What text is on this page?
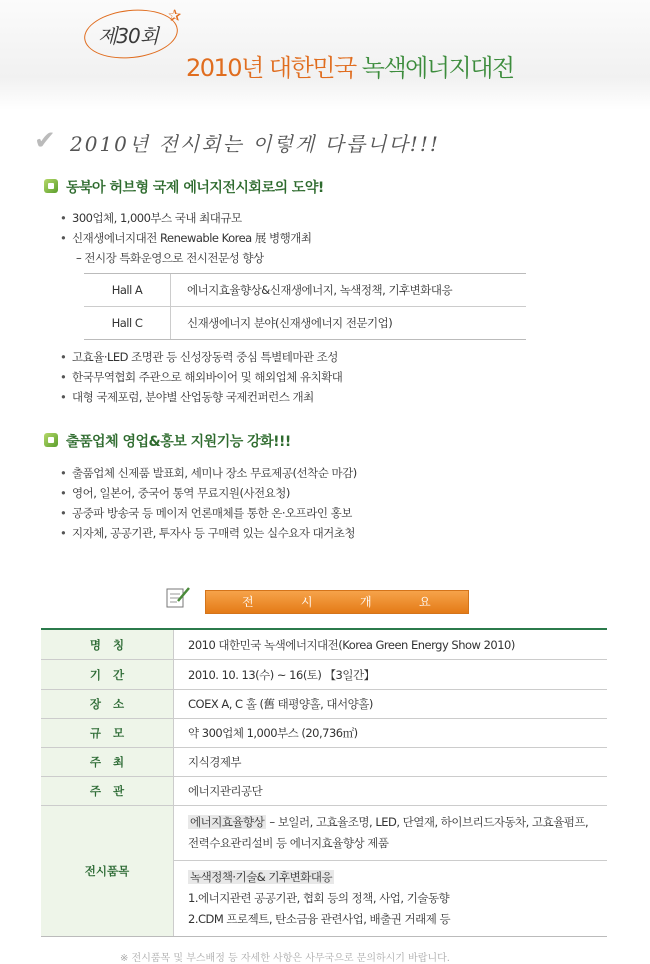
제30회
✰
2010년 대한민국 녹색에너지대전
✔ 2010년 전시회는 이렇게 다릅니다!!!
동북아 허브형 국제 에너지전시회로의 도약!
• 300업체, 1,000부스 국내 최대규모
• 신재생에너지대전 Renewable Korea 展 병행개최
– 전시장 특화운영으로 전시전문성 향상
Hall A	에너지효율향상&신재생에너지, 녹색정책, 기후변화대응
Hall C	신재생에너지 분야(신재생에너지 전문기업)
• 고효율·LED 조명관 등 신성장동력 중심 특별테마관 조성
• 한국무역협회 주관으로 해외바이어 및 해외업체 유치확대
• 대형 국제포럼, 분야별 산업동향 국제컨퍼런스 개최
출품업체 영업&홍보 지원기능 강화!!!
• 출품업체 신제품 발표회, 세미나 장소 무료제공(선착순 마감)
• 영어, 일본어, 중국어 통역 무료지원(사전요청)
• 공중파 방송국 등 메이저 언론매체를 통한 온·오프라인 홍보
• 지자체, 공공기관, 투자사 등 구매력 있는 실수요자 대거초청
전	시	개	요
명칭	2010 대한민국 녹색에너지대전(Korea Green Energy Show 2010)
기간	2010. 10. 13(수) ~ 16(토) 【3일간】
장소	COEX A, C 홀 (舊 태평양홀, 대서양홀)
규모	약 300업체 1,000부스 (20,736㎡)
주최	지식경제부
주관	에너지관리공단
전시품목
에너지효율향상 – 보일러, 고효율조명, LED, 단열재, 하이브리드자동차, 고효율펌프,
전력수요관리설비 등 에너지효율향상 제품
녹색정책·기술& 기후변화대응
1.에너지관련 공공기관, 협회 등의 정책, 사업, 기술동향
2.CDM 프로젝트, 탄소금융 관련사업, 배출권 거래제 등
※ 전시품목 및 부스배정 등 자세한 사항은 사무국으로 문의하시기 바랍니다.
